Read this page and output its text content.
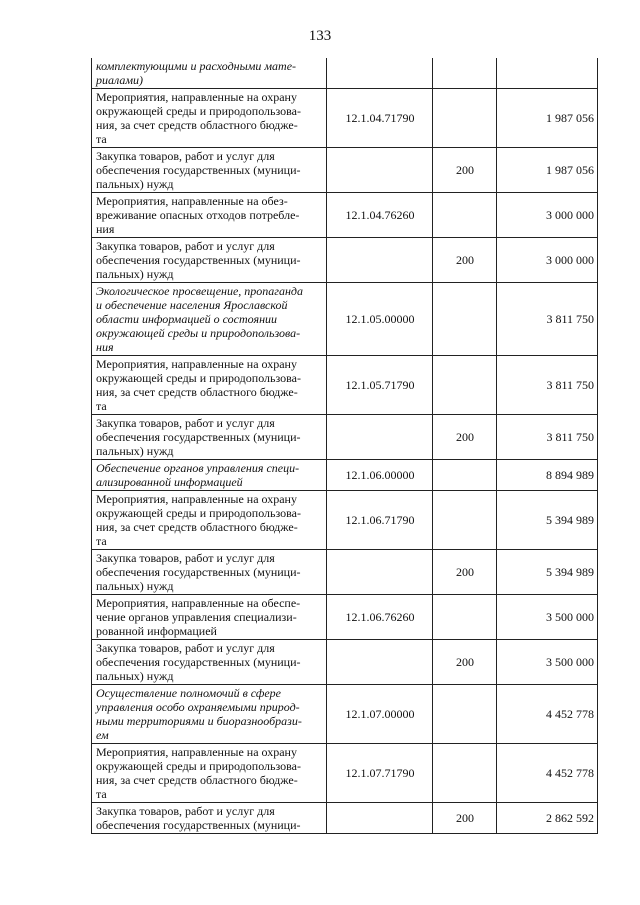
133
комплектующими и расходными мате-
риалами)			
Мероприятия, направленные на охрану
окружающей среды и природопользова-
ния, за счет средств областного бюдже-
та	12.1.04.71790		1 987 056
Закупка товаров, работ и услуг для
обеспечения государственных (муници-
пальных) нужд		200	1 987 056
Мероприятия, направленные на обез-
вреживание опасных отходов потребле-
ния	12.1.04.76260		3 000 000
Закупка товаров, работ и услуг для
обеспечения государственных (муници-
пальных) нужд		200	3 000 000
Экологическое просвещение, пропаганда
и обеспечение населения Ярославской
области информацией о состоянии
окружающей среды и природопользова-
ния	12.1.05.00000		3 811 750
Мероприятия, направленные на охрану
окружающей среды и природопользова-
ния, за счет средств областного бюдже-
та	12.1.05.71790		3 811 750
Закупка товаров, работ и услуг для
обеспечения государственных (муници-
пальных) нужд		200	3 811 750
Обеспечение органов управления специ-
ализированной информацией	12.1.06.00000		8 894 989
Мероприятия, направленные на охрану
окружающей среды и природопользова-
ния, за счет средств областного бюдже-
та	12.1.06.71790		5 394 989
Закупка товаров, работ и услуг для
обеспечения государственных (муници-
пальных) нужд		200	5 394 989
Мероприятия, направленные на обеспе-
чение органов управления специализи-
рованной информацией	12.1.06.76260		3 500 000
Закупка товаров, работ и услуг для
обеспечения государственных (муници-
пальных) нужд		200	3 500 000
Осуществление полномочий в сфере
управления особо охраняемыми природ-
ными территориями и биоразнообрази-
ем	12.1.07.00000		4 452 778
Мероприятия, направленные на охрану
окружающей среды и природопользова-
ния, за счет средств областного бюдже-
та	12.1.07.71790		4 452 778
Закупка товаров, работ и услуг для
обеспечения государственных (муници-		200	2 862 592
